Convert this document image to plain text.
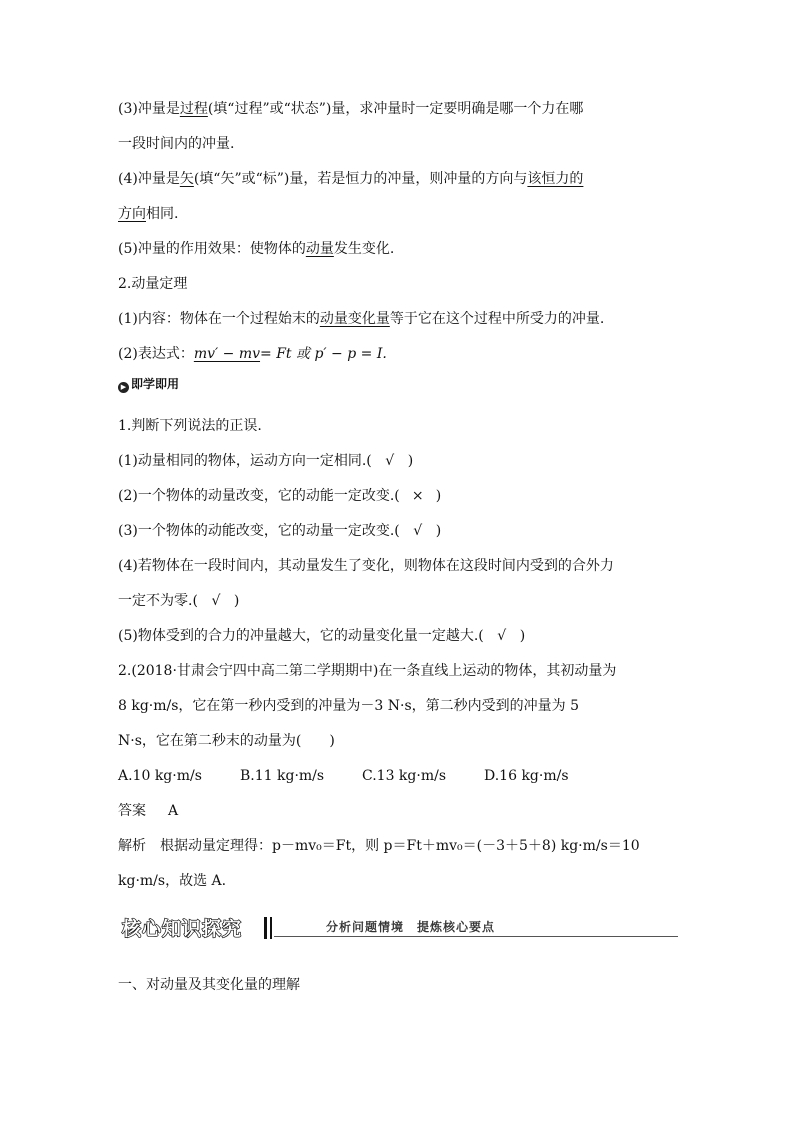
(3)冲量是过程(填“过程”或“状态”)量，求冲量时一定要明确是哪一个力在哪
一段时间内的冲量.
(4)冲量是矢(填“矢”或“标”)量，若是恒力的冲量，则冲量的方向与该恒力的
方向相同.
(5)冲量的作用效果：使物体的动量发生变化.
2.动量定理
(1)内容：物体在一个过程始末的动量变化量等于它在这个过程中所受力的冲量.
(2)表达式：mv′ − mv= Ft 或 p′ − p = I.
▶ 即学即用
1.判断下列说法的正误.
(1)动量相同的物体，运动方向一定相同.( √ )
(2)一个物体的动量改变，它的动能一定改变.( × )
(3)一个物体的动能改变，它的动量一定改变.( √ )
(4)若物体在一段时间内，其动量发生了变化，则物体在这段时间内受到的合外力
一定不为零.( √ )
(5)物体受到的合力的冲量越大，它的动量变化量一定越大.( √ )
2.(2018·甘肃会宁四中高二第二学期期中)在一条直线上运动的物体，其初动量为
8 kg·m/s，它在第一秒内受到的冲量为－3 N·s，第二秒内受到的冲量为 5
N·s，它在第二秒末的动量为(　　)
A.10 kg·m/s	B.11 kg·m/s	C.13 kg·m/s	D.16 kg·m/s
答案 A
解析 根据动量定理得：p－mv₀＝Ft，则 p＝Ft＋mv₀＝(－3＋5＋8) kg·m/s＝10
kg·m/s，故选 A.
核心知识探究	分析问题情境　提炼核心要点
一、对动量及其变化量的理解
